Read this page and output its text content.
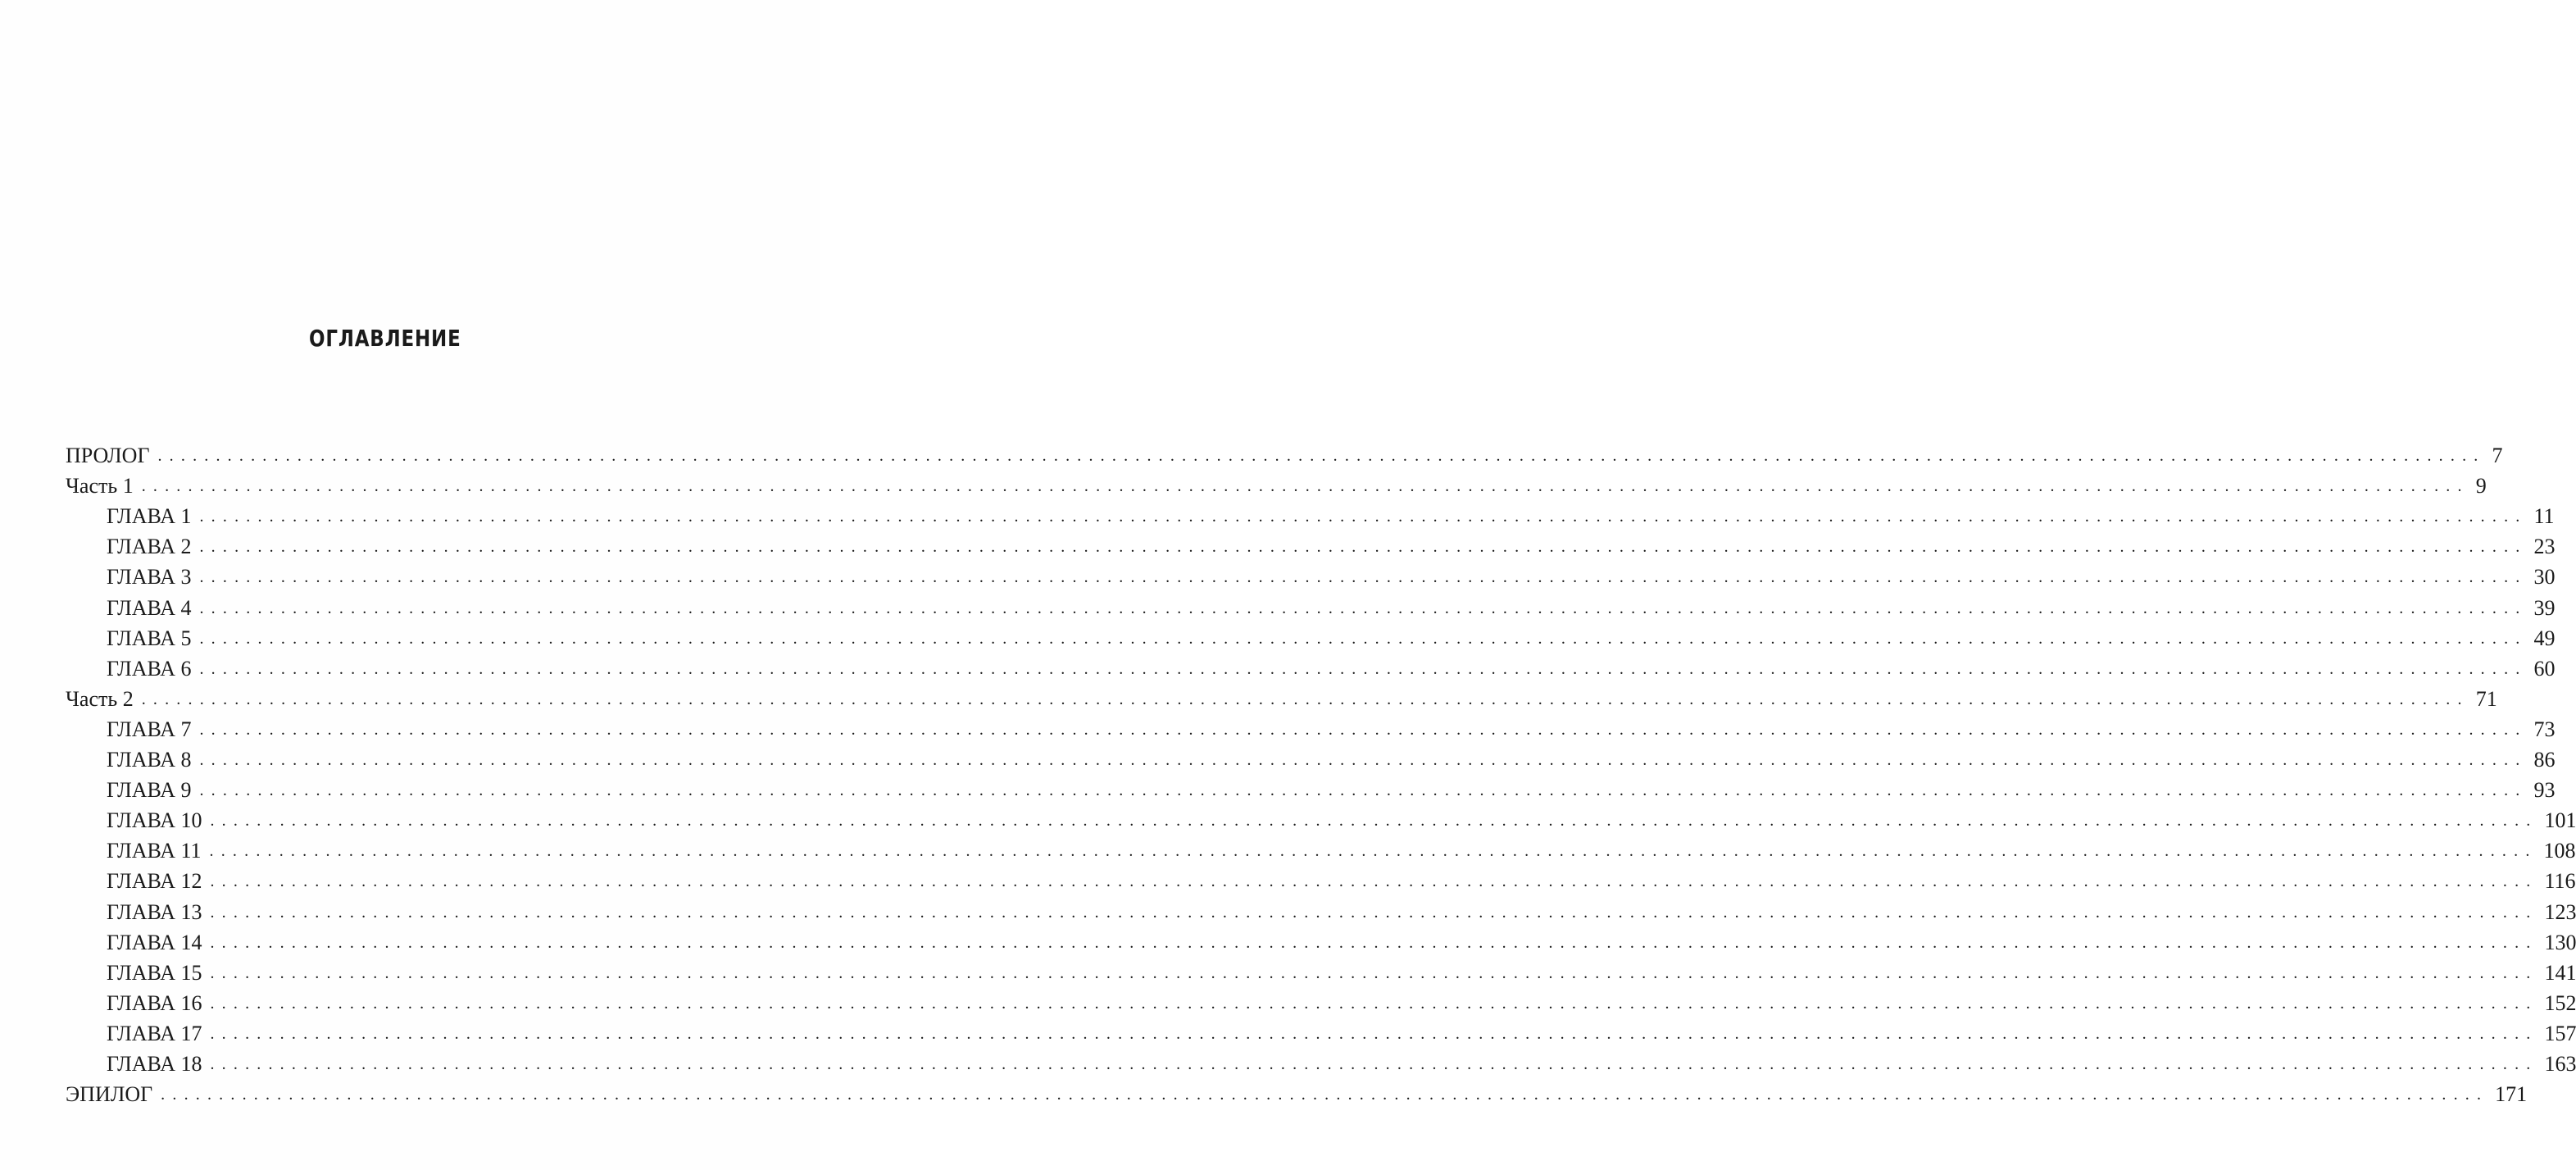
ОГЛАВЛЕНИЕ
ПРОЛОГ ........................................................................................................................................................................................................ 7
Часть 1 ........................................................................................................................................................................................................ 9
ГЛАВА 1 ........................................................................................................................................................................................................ 11
ГЛАВА 2 ........................................................................................................................................................................................................ 23
ГЛАВА 3 ........................................................................................................................................................................................................ 30
ГЛАВА 4 ........................................................................................................................................................................................................ 39
ГЛАВА 5 ........................................................................................................................................................................................................ 49
ГЛАВА 6 ........................................................................................................................................................................................................ 60
Часть 2 ........................................................................................................................................................................................................ 71
ГЛАВА 7 ........................................................................................................................................................................................................ 73
ГЛАВА 8 ........................................................................................................................................................................................................ 86
ГЛАВА 9 ........................................................................................................................................................................................................ 93
ГЛАВА 10 ........................................................................................................................................................................................................ 101
ГЛАВА 11 ........................................................................................................................................................................................................ 108
ГЛАВА 12 ........................................................................................................................................................................................................ 116
ГЛАВА 13 ........................................................................................................................................................................................................ 123
ГЛАВА 14 ........................................................................................................................................................................................................ 130
ГЛАВА 15 ........................................................................................................................................................................................................ 141
ГЛАВА 16 ........................................................................................................................................................................................................ 152
ГЛАВА 17 ........................................................................................................................................................................................................ 157
ГЛАВА 18 ........................................................................................................................................................................................................ 163
ЭПИЛОГ ........................................................................................................................................................................................................ 171
